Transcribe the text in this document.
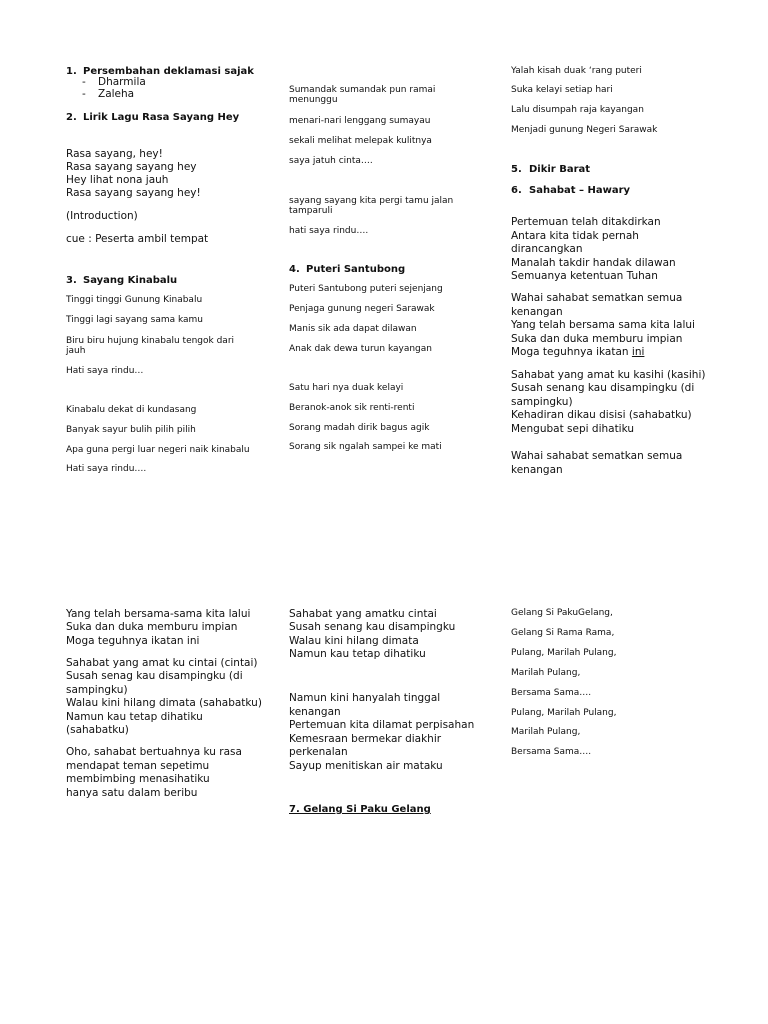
1. Persembahan deklamasi sajak
- Dharmila
- Zaleha
2. Lirik Lagu Rasa Sayang Hey
Rasa sayang, hey!
Rasa sayang sayang hey
Hey lihat nona jauh
Rasa sayang sayang hey!
(Introduction)
cue : Peserta ambil tempat
3. Sayang Kinabalu
Tinggi tinggi Gunung Kinabalu
Tinggi lagi sayang sama kamu
Biru biru hujung kinabalu tengok dari
jauh
Hati saya rindu…
Kinabalu dekat di kundasang
Banyak sayur bulih pilih pilih
Apa guna pergi luar negeri naik kinabalu
Hati saya rindu….
Sumandak sumandak pun ramai
menunggu
menari-nari lenggang sumayau
sekali melihat melepak kulitnya
saya jatuh cinta….
sayang sayang kita pergi tamu jalan
tamparuli
hati saya rindu….
4. Puteri Santubong
Puteri Santubong puteri sejenjang
Penjaga gunung negeri Sarawak
Manis sik ada dapat dilawan
Anak dak dewa turun kayangan
Satu hari nya duak kelayi
Beranok-anok sik renti-renti
Sorang madah dirik bagus agik
Sorang sik ngalah sampei ke mati
Yalah kisah duak ‘rang puteri
Suka kelayi setiap hari
Lalu disumpah raja kayangan
Menjadi gunung Negeri Sarawak
5. Dikir Barat
6. Sahabat – Hawary
Pertemuan telah ditakdirkan
Antara kita tidak pernah
dirancangkan
Manalah takdir handak dilawan
Semuanya ketentuan Tuhan
Wahai sahabat sematkan semua
kenangan
Yang telah bersama sama kita lalui
Suka dan duka memburu impian
Moga teguhnya ikatan ini
Sahabat yang amat ku kasihi (kasihi)
Susah senang kau disampingku (di
sampingku)
Kehadiran dikau disisi (sahabatku)
Mengubat sepi dihatiku
Wahai sahabat sematkan semua
kenangan
Yang telah bersama-sama kita lalui
Suka dan duka memburu impian
Moga teguhnya ikatan ini
Sahabat yang amat ku cintai (cintai)
Susah senag kau disampingku (di
sampingku)
Walau kini hilang dimata (sahabatku)
Namun kau tetap dihatiku
(sahabatku)
Oho, sahabat bertuahnya ku rasa
mendapat teman sepetimu
membimbing menasihatiku
hanya satu dalam beribu
Sahabat yang amatku cintai
Susah senang kau disampingku
Walau kini hilang dimata
Namun kau tetap dihatiku
Namun kini hanyalah tinggal
kenangan
Pertemuan kita dilamat perpisahan
Kemesraan bermekar diakhir
perkenalan
Sayup menitiskan air mataku
7. Gelang Si Paku Gelang
Gelang Si PakuGelang,
Gelang Si Rama Rama,
Pulang, Marilah Pulang,
Marilah Pulang,
Bersama Sama….
Pulang, Marilah Pulang,
Marilah Pulang,
Bersama Sama….
